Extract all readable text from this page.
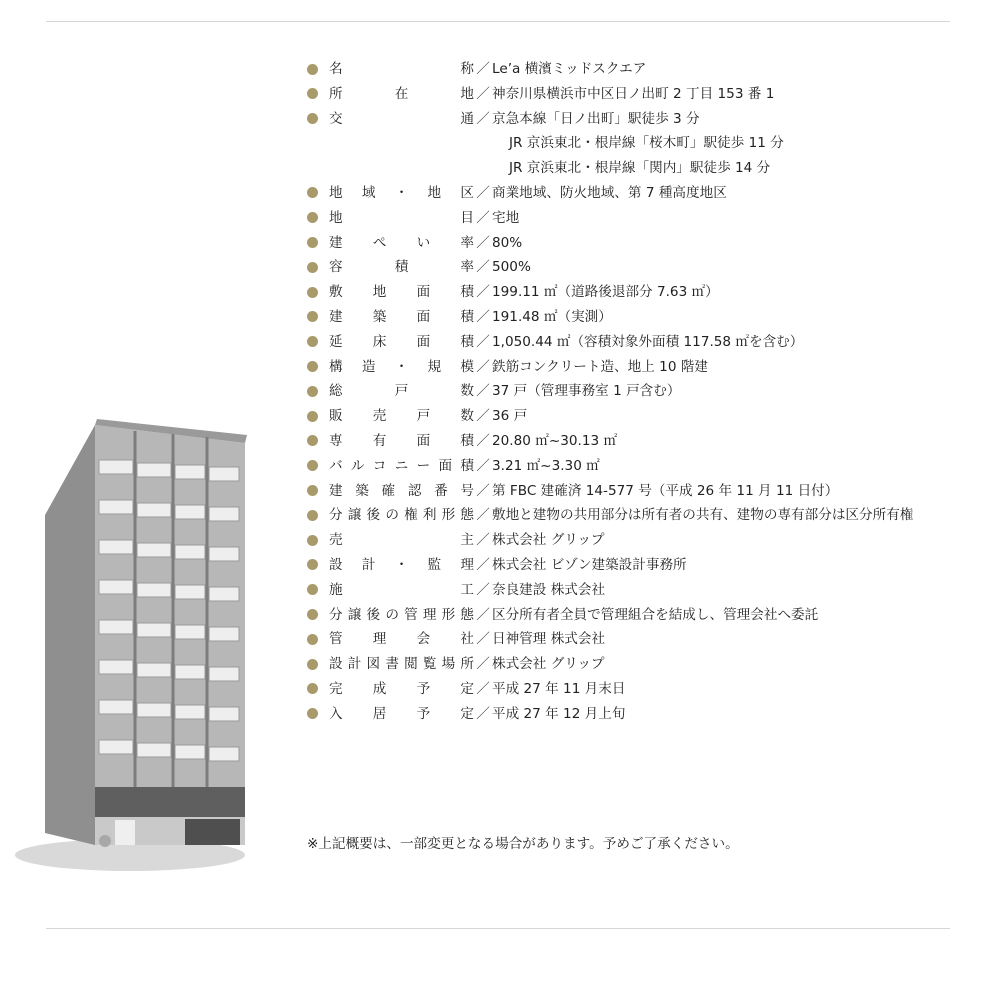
名称 ／ Le’a 横濱ミッドスクエア
所在地 ／ 神奈川県横浜市中区日ノ出町 2 丁目 153 番 1
交通 ／ 京急本線「日ノ出町」駅徒歩 3 分
JR 京浜東北・根岸線「桜木町」駅徒歩 11 分
JR 京浜東北・根岸線「関内」駅徒歩 14 分
地域・地区 ／ 商業地域、防火地域、第 7 種高度地区
地目 ／ 宅地
建ぺい率 ／ 80%
容積率 ／ 500%
敷地面積 ／ 199.11 ㎡（道路後退部分 7.63 ㎡）
建築面積 ／ 191.48 ㎡（実測）
延床面積 ／ 1,050.44 ㎡（容積対象外面積 117.58 ㎡を含む）
構造・規模 ／ 鉄筋コンクリート造、地上 10 階建
総戸数 ／ 37 戸（管理事務室 1 戸含む）
販売戸数 ／ 36 戸
専有面積 ／ 20.80 ㎡~30.13 ㎡
バルコニー面積 ／ 3.21 ㎡~3.30 ㎡
建築確認番号 ／ 第 FBC 建確済 14-577 号（平成 26 年 11 月 11 日付）
分譲後の権利形態 ／ 敷地と建物の共用部分は所有者の共有、建物の専有部分は区分所有権
売主 ／ 株式会社 グリップ
設計・監理 ／ 株式会社 ビゾン建築設計事務所
施工 ／ 奈良建設 株式会社
分譲後の管理形態 ／ 区分所有者全員で管理組合を結成し、管理会社へ委託
管理会社 ／ 日神管理 株式会社
設計図書閲覧場所 ／ 株式会社 グリップ
完成予定 ／ 平成 27 年 11 月末日
入居予定 ／ 平成 27 年 12 月上旬
※上記概要は、一部変更となる場合があります。予めご了承ください。
